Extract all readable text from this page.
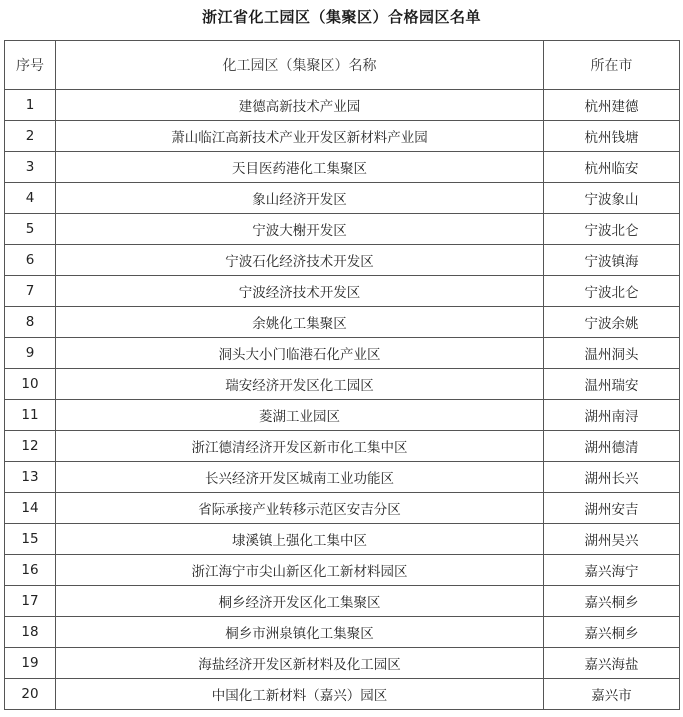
浙江省化工园区（集聚区）合格园区名单
序号	化工园区（集聚区）名称	所在市
1	建德高新技术产业园	杭州建德
2	萧山临江高新技术产业开发区新材料产业园	杭州钱塘
3	天目医药港化工集聚区	杭州临安
4	象山经济开发区	宁波象山
5	宁波大榭开发区	宁波北仑
6	宁波石化经济技术开发区	宁波镇海
7	宁波经济技术开发区	宁波北仑
8	余姚化工集聚区	宁波余姚
9	洞头大小门临港石化产业区	温州洞头
10	瑞安经济开发区化工园区	温州瑞安
11	菱湖工业园区	湖州南浔
12	浙江德清经济开发区新市化工集中区	湖州德清
13	长兴经济开发区城南工业功能区	湖州长兴
14	省际承接产业转移示范区安吉分区	湖州安吉
15	埭溪镇上强化工集中区	湖州吴兴
16	浙江海宁市尖山新区化工新材料园区	嘉兴海宁
17	桐乡经济开发区化工集聚区	嘉兴桐乡
18	桐乡市洲泉镇化工集聚区	嘉兴桐乡
19	海盐经济开发区新材料及化工园区	嘉兴海盐
20	中国化工新材料（嘉兴）园区	嘉兴市
